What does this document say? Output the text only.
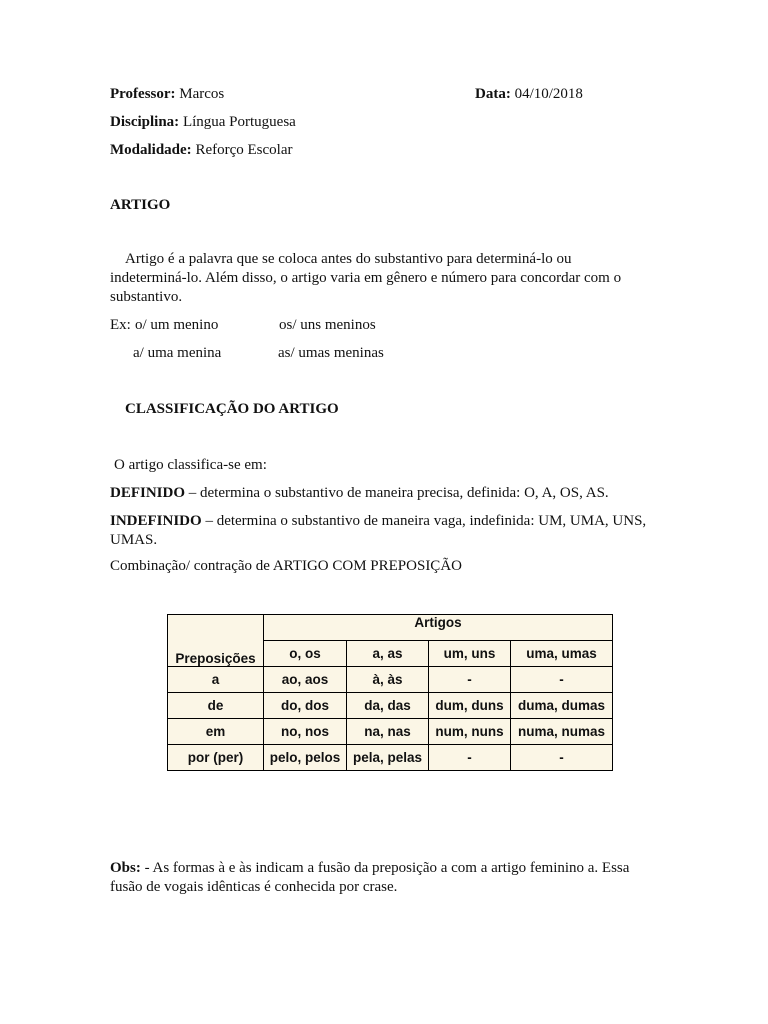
Professor: Marcos	Data: 04/10/2018
Disciplina: Língua Portuguesa
Modalidade: Reforço Escolar
ARTIGO
Artigo é a palavra que se coloca antes do substantivo para determiná-lo ou indeterminá-lo. Além disso, o artigo varia em gênero e número para concordar com o substantivo.
Ex: o/ um menino	os/ uns meninos
a/ uma menina	as/ umas meninas
CLASSIFICAÇÃO DO ARTIGO
O artigo classifica-se em:
DEFINIDO – determina o substantivo de maneira precisa, definida: O, A, OS, AS.
INDEFINIDO – determina o substantivo de maneira vaga, indefinida: UM, UMA, UNS, UMAS.
Combinação/ contração de ARTIGO COM PREPOSIÇÃO
Preposições	Artigos			
	o, os	a, as	um, uns	uma, umas
a	ao, aos	à, às	-	-
de	do, dos	da, das	dum, duns	duma, dumas
em	no, nos	na, nas	num, nuns	numa, numas
por (per)	pelo, pelos	pela, pelas	-	-
Obs: - As formas à e às indicam a fusão da preposição a com a artigo feminino a. Essa fusão de vogais idênticas é conhecida por crase.
